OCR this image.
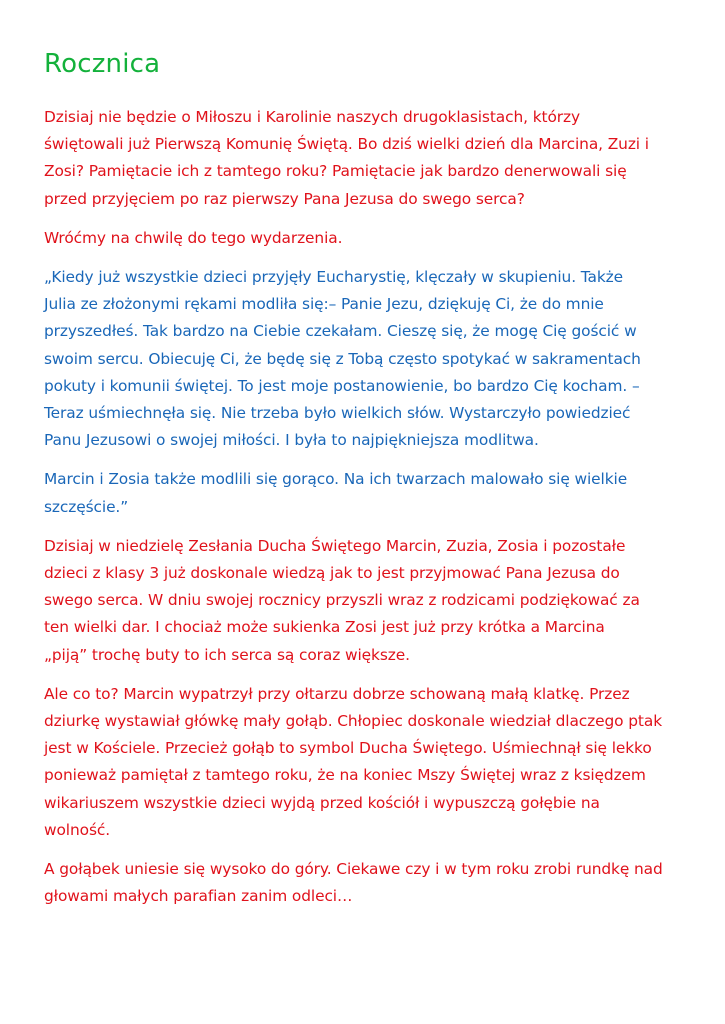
Rocznica

Dzisiaj nie będzie o Miłoszu i Karolinie naszych drugoklasistach, którzy
świętowali już Pierwszą Komunię Świętą. Bo dziś wielki dzień dla Marcina, Zuzi i
Zosi? Pamiętacie ich z tamtego roku? Pamiętacie jak bardzo denerwowali się
przed przyjęciem po raz pierwszy Pana Jezusa do swego serca?

Wróćmy na chwilę do tego wydarzenia.

„Kiedy już wszystkie dzieci przyjęły Eucharystię, klęczały w skupieniu. Także
Julia ze złożonymi rękami modliła się:– Panie Jezu, dziękuję Ci, że do mnie
przyszedłeś. Tak bardzo na Ciebie czekałam. Cieszę się, że mogę Cię gościć w
swoim sercu. Obiecuję Ci, że będę się z Tobą często spotykać w sakramentach
pokuty i komunii świętej. To jest moje postanowienie, bo bardzo Cię kocham. –
Teraz uśmiechnęła się. Nie trzeba było wielkich słów. Wystarczyło powiedzieć
Panu Jezusowi o swojej miłości. I była to najpiękniejsza modlitwa.

Marcin i Zosia także modlili się gorąco. Na ich twarzach malowało się wielkie
szczęście.”

Dzisiaj w niedzielę Zesłania Ducha Świętego Marcin, Zuzia, Zosia i pozostałe
dzieci z klasy 3 już doskonale wiedzą jak to jest przyjmować Pana Jezusa do
swego serca. W dniu swojej rocznicy przyszli wraz z rodzicami podziękować za
ten wielki dar. I chociaż może sukienka Zosi jest już przy krótka a Marcina
„piją” trochę buty to ich serca są coraz większe.

Ale co to? Marcin wypatrzył przy ołtarzu dobrze schowaną małą klatkę. Przez
dziurkę wystawiał główkę mały gołąb. Chłopiec doskonale wiedział dlaczego ptak
jest w Kościele. Przecież gołąb to symbol Ducha Świętego. Uśmiechnął się lekko
ponieważ pamiętał z tamtego roku, że na koniec Mszy Świętej wraz z księdzem
wikariuszem wszystkie dzieci wyjdą przed kościół i wypuszczą gołębie na
wolność.

A gołąbek uniesie się wysoko do góry. Ciekawe czy i w tym roku zrobi rundkę nad
głowami małych parafian zanim odleci…
